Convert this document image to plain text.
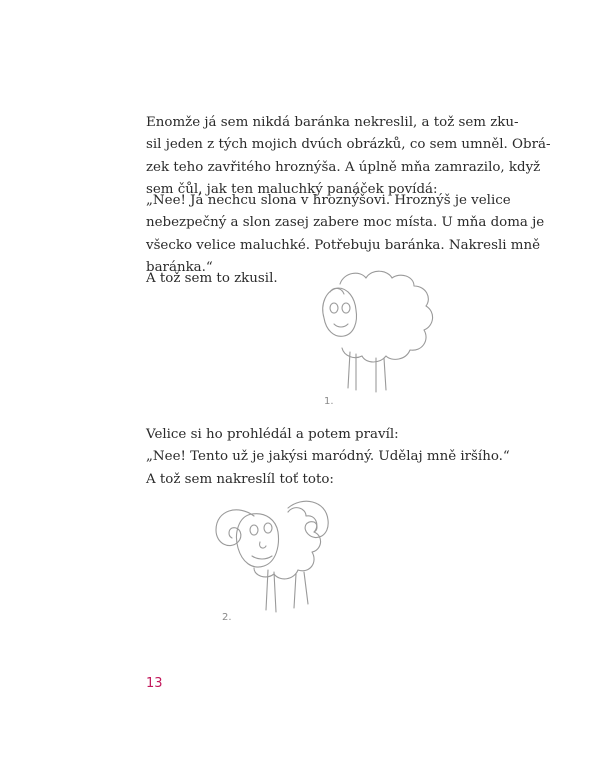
Enomže já sem nikdá baránka nekreslil, a tož sem zku-
sil jeden z tých mojich dvúch obrázků, co sem umněl. Obrá-
zek teho zavřitého hroznýša. A úplně mňa zamrazilo, když
sem čůl, jak ten maluchký panáček povídá:

„Nee! Já nechcu slona v hroznýšovi. Hroznýš je velice
nebezpečný a slon zasej zabere moc místa. U mňa doma je
všecko velice maluchké. Potřebuju baránka. Nakresli mně
baránka.“

A tož sem to zkusil.

1.

Velice si ho prohlédál a potem pravíl:
„Nee! Tento už je jakýsi maródný. Udělaj mně iršího.“
A tož sem nakreslíl toť toto:

2.
13
